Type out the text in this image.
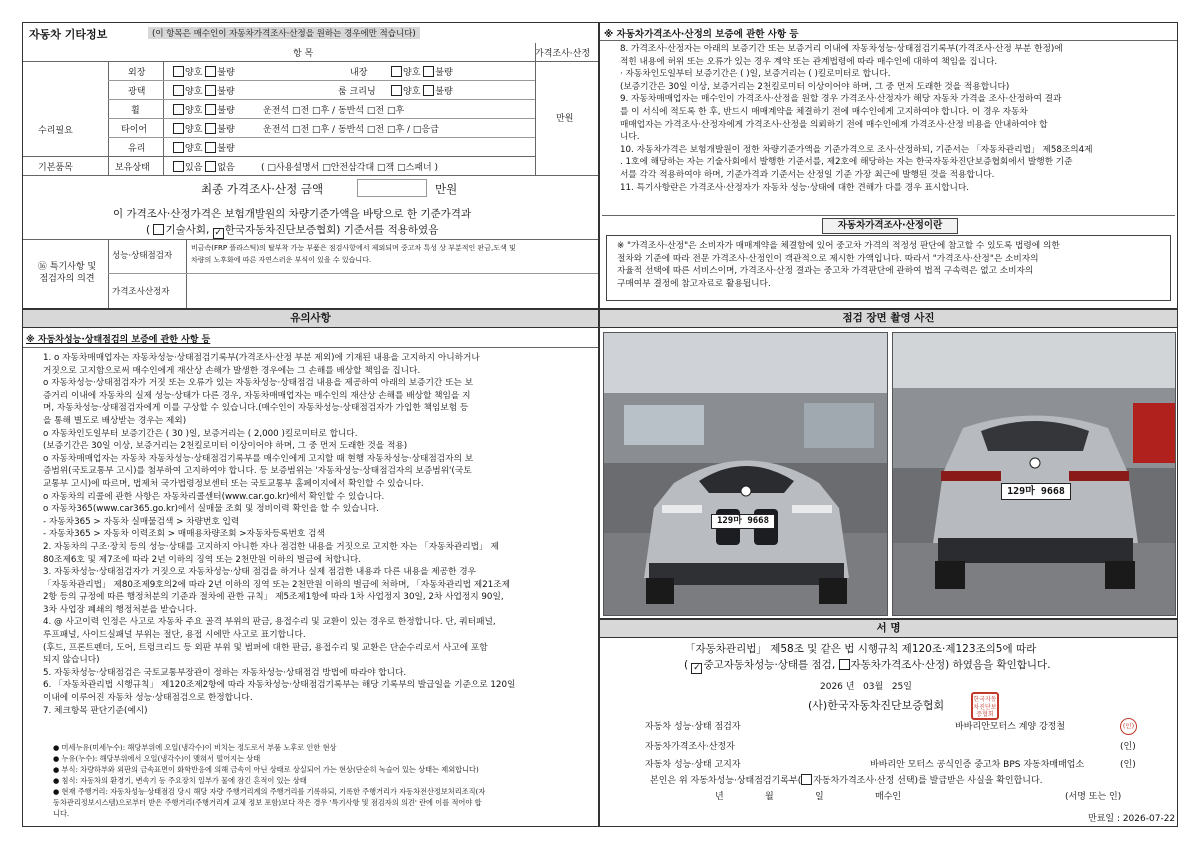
자동차 기타정보	(이 항목은 매수인이 자동차가격조사·산정을 원하는 경우에만 적습니다)
항 목	가격조사·산정
수리필요
외장	양호 불량	내장	양호 불량
광택	양호 불량	룸 크리닝	양호 불량
휠	양호 불량	운전석 □전 □후 / 동반석 □전 □후
타이어	양호 불량	운전석 □전 □후 / 동반석 □전 □후 / □응급
유리	양호 불량
만원
기본품목	보유상태	있음 없음	( □사용설명서 □안전삼각대 □잭 □스패너 )
최종 가격조사·산정 금액	만원
이 가격조사·산정가격은 보험개발원의 차량기준가액을 바탕으로 한 기준가격과
( 기술사회, ✓ 한국자동차진단보증협회) 기준서를 적용하였음
⑯ 특기사항 및
점검자의 의견
성능·상태점검자
비금속(FRP 플라스틱)의 탈부착 가능 부품은 점검사항에서 제외되며 중고차 특성 상 부분적인 판금,도색 및
차량의 노후화에 따른 자연스러운 부식이 있을 수 있습니다.
가격조사산정자
※ 자동차가격조사·산정의 보증에 관한 사항 등
8. 가격조사·산정자는 아래의 보증기간 또는 보증거리 이내에 자동차성능·상태점검기록부(가격조사·산정 부분 한정)에
적힌 내용에 허위 또는 오류가 있는 경우 계약 또는 관계법령에 따라 매수인에 대하여 책임을 집니다.
· 자동차인도일부터 보증기간은 ( )일, 보증거리는 ( )킬로미터로 합니다.
(보증기간은 30일 이상, 보증거리는 2천킬로미터 이상이어야 하며, 그 중 먼저 도래한 것을 적용합니다)
9. 자동차매매업자는 매수인이 가격조사·산정을 원할 경우 가격조사·산정자가 해당 자동차 가격을 조사·산정하여 결과
를 이 서식에 적도록 한 후, 반드시 매매계약을 체결하기 전에 매수인에게 고지하여야 합니다. 이 경우 자동차
매매업자는 가격조사·산정자에게 가격조사·산정을 의뢰하기 전에 매수인에게 가격조사·산정 비용을 안내하여야 합
니다.
10. 자동차가격은 보험개발원이 정한 차량기준가액을 기준가격으로 조사·산정하되, 기준서는 「자동차관리법」 제58조의4제
. 1호에 해당하는 자는 기술사회에서 발행한 기준서를, 제2호에 해당하는 자는 한국자동차진단보증협회에서 발행한 기준
서를 각각 적용하여야 하며, 기준가격과 기준서는 산정일 기준 가장 최근에 발행된 것을 적용합니다.
11. 특기사항란은 가격조사·산정자가 자동차 성능·상태에 대한 견해가 다를 경우 표시합니다.
자동차가격조사·산정이란
※ "가격조사·산정"은 소비자가 매매계약을 체결함에 있어 중고차 가격의 적정성 판단에 참고할 수 있도록 법령에 의한
절차와 기준에 따라 전문 가격조사·산정인이 객관적으로 제시한 가액입니다. 따라서 "가격조사·산정"은 소비자의
자율적 선택에 따른 서비스이며, 가격조사·산정 결과는 중고차 가격판단에 관하여 법적 구속력은 없고 소비자의
구매여부 결정에 참고자료로 활용됩니다.
유의사항
※ 자동차성능·상태점검의 보증에 관한 사항 등
1. o 자동차매매업자는 자동차성능·상태점검기록부(가격조사·산정 부분 제외)에 기재된 내용을 고지하지 아니하거나
거짓으로 고지함으로써 매수인에게 재산상 손해가 발생한 경우에는 그 손해를 배상할 책임을 집니다.
o 자동차성능·상태점검자가 거짓 또는 오류가 있는 자동차성능·상태점검 내용을 제공하여 아래의 보증기간 또는 보
증거리 이내에 자동차의 실제 성능·상태가 다른 경우, 자동차매매업자는 매수인의 재산상 손해를 배상할 책임을 지
며, 자동차성능·상태점검자에게 이를 구상할 수 있습니다.(매수인이 자동차성능·상태점검자가 가입한 책임보험 등
을 통해 별도로 배상받는 경우는 제외)
o 자동차인도일부터 보증기간은 ( 30 )일, 보증거리는 ( 2,000 )킬로미터로 합니다.
(보증기간은 30일 이상, 보증거리는 2천킬로미터 이상이어야 하며, 그 중 먼저 도래한 것을 적용)
o 자동차매매업자는 자동차 자동차성능·상태점검기록부를 매수인에게 고지할 때 현행 자동차성능·상태점검자의 보
증범위(국토교통부 고시)를 첨부하여 고지하여야 합니다. 등 보증범위는 '자동차성능·상태점검자의 보증범위'(국토
교통부 고시)에 따르며, 법제처 국가법령정보센터 또는 국토교통부 홈페이지에서 확인할 수 있습니다.
o 자동차의 리콜에 관한 사항은 자동차리콜센터(www.car.go.kr)에서 확인할 수 있습니다.
o 자동차365(www.car365.go.kr)에서 실매물 조회 및 정비이력 확인을 할 수 있습니다.
- 자동차365 > 자동차 실매물검색 > 차량번호 입력
- 자동차365 > 자동차 이력조회 > 매매용차량조회 >자동차등록번호 검색
2. 자동차의 구조·장치 등의 성능·상태를 고지하지 아니한 자나 점검한 내용을 거짓으로 고지한 자는 「자동차관리법」 제
80조제6호 및 제7조에 따라 2년 이하의 징역 또는 2천만원 이하의 벌금에 처합니다.
3. 자동차성능·상태점검자가 거짓으로 자동차성능·상태 점검을 하거나 실제 점검한 내용과 다른 내용을 제공한 경우
「자동차관리법」 제80조제9호의2에 따라 2년 이하의 징역 또는 2천만원 이하의 벌금에 처하며, 「자동차관리법 제21조제
2항 등의 규정에 따른 행정처분의 기준과 절차에 관한 규칙」 제5조제1항에 따라 1차 사업정지 30일, 2차 사업정지 90일,
3차 사업장 폐쇄의 행정처분을 받습니다.
4. @ 사고이력 인정은 사고로 자동차 주요 골격 부위의 판금, 용접수리 및 교환이 있는 경우로 한정합니다. 단, 쿼터패널,
루프패널, 사이드실패널 부위는 절단, 용접 시에만 사고로 표기합니다.
(후드, 프론트펜더, 도어, 트렁크리드 등 외판 부위 및 범퍼에 대한 판금, 용접수리 및 교환은 단순수리로서 사고에 포함
되지 않습니다)
5. 자동차성능·상태점검은 국토교통부장관이 정하는 자동차성능·상태점검 방법에 따라야 합니다.
6. 「자동차관리법 시행규칙」 제120조제2항에 따라 자동차성능·상태점검기록부는 해당 기록부의 발급일을 기준으로 120일
이내에 이루어진 자동차 성능·상태점검으로 한정합니다.
7. 체크항목 판단기준(예시)
● 미세누유(미세누수): 해당부위에 오일(냉각수)이 비치는 정도로서 부품 노후로 인한 현상
● 누유(누수): 해당부위에서 오일(냉각수)이 맺혀서 떨어지는 상태
● 부식: 차량하부와 외판의 금속표면이 화학반응에 의해 금속이 아닌 상태로 상실되어 가는 현상(단순히 녹슬어 있는 상태는 제외합니다)
● 침식: 자동차의 환경기, 변속기 등 주요장치 일부가 물에 잠긴 흔적이 있는 상태
● 현재 주행거리: 자동차성능·상태점검 당시 해당 자량 주행거리계의 주행거리를 기록하되, 기록한 주행거리가 자동차전산정보처리조직(자
동차관리정보시스템)으로부터 받은 주행거리(주행거리계 교체 정보 포함)보다 작은 경우 '특기사항 및 점검자의 의견' 란에 이를 적어야 합
니다.
점검 장면 촬영 사진
129마 9668
129마 9668
서 명
「자동차관리법」 제58조 및 같은 법 시행규칙 제120조·제123조의5에 따라
( ✓ 중고자동차성능·상태를 점검, 자동차가격조사·산정) 하였음을 확인합니다.
2026 년 03월 25일
(사)한국자동차진단보증협회	한국자동차진단보증협회
자동차 성능·상태 점검자	바바리안모터스 계양 강정철	(인)
자동차가격조사·산정자	(인)
자동차 성능·상태 고지자	바바리안 모터스 공식인증 중고차 BPS 자동차매매업소	(인)
본인은 위 자동차성능·상태점검기록부( 자동차가격조사·산정 선택)를 발급받은 사실을 확인합니다.
년	월	일	매수인	(서명 또는 인)
만료일 : 2026-07-22
